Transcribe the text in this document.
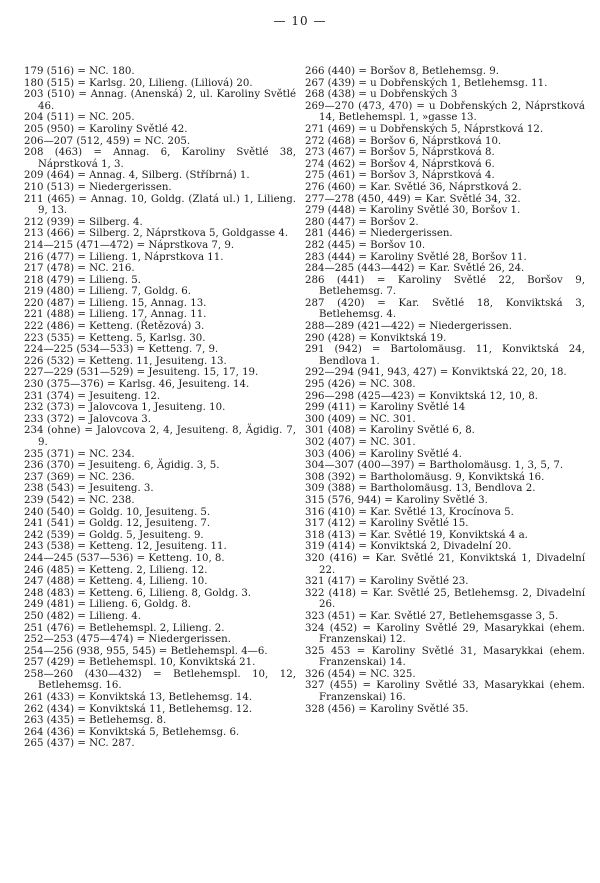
— 10 —
179 (516) = NC. 180.
180 (515) = Karlsg. 20, Lilieng. (Liliová) 20.
203 (510) = Annag. (Anenská) 2, ul. Karoliny Světlé 46.
204 (511) = NC. 205.
205 (950) = Karoliny Světlé 42.
206—207 (512, 459) = NC. 205.
208 (463) = Annag. 6, Karoliny Světlé 38, Náprstková 1, 3.
209 (464) = Annag. 4, Silberg. (Stříbrná) 1.
210 (513) = Niedergerissen.
211 (465) = Annag. 10, Goldg. (Zlatá ul.) 1, Lilieng. 9, 13.
212 (939) = Silberg. 4.
213 (466) = Silberg. 2, Náprstkova 5, Goldgasse 4.
214—215 (471—472) = Náprstkova 7, 9.
216 (477) = Lilieng. 1, Náprstkova 11.
217 (478) = NC. 216.
218 (479) = Lilieng. 5.
219 (480) = Lilieng. 7, Goldg. 6.
220 (487) = Lilieng. 15, Annag. 13.
221 (488) = Lilieng. 17, Annag. 11.
222 (486) = Ketteng. (Řetězová) 3.
223 (535) = Ketteng. 5, Karlsg. 30.
224—225 (534—533) = Ketteng. 7, 9.
226 (532) = Ketteng. 11, Jesuiteng. 13.
227—229 (531—529) = Jesuiteng. 15, 17, 19.
230 (375—376) = Karlsg. 46, Jesuiteng. 14.
231 (374) = Jesuiteng. 12.
232 (373) = Jalovcova 1, Jesuiteng. 10.
233 (372) = Jalovcova 3.
234 (ohne) = Jalovcova 2, 4, Jesuiteng. 8, Ägidig. 7, 9.
235 (371) = NC. 234.
236 (370) = Jesuiteng. 6, Ägidig. 3, 5.
237 (369) = NC. 236.
238 (543) = Jesuiteng. 3.
239 (542) = NC. 238.
240 (540) = Goldg. 10, Jesuiteng. 5.
241 (541) = Goldg. 12, Jesuiteng. 7.
242 (539) = Goldg. 5, Jesuiteng. 9.
243 (538) = Ketteng. 12, Jesuiteng. 11.
244—245 (537—536) = Ketteng. 10, 8.
246 (485) = Ketteng. 2, Lilieng. 12.
247 (488) = Ketteng. 4, Lilieng. 10.
248 (483) = Ketteng. 6, Lilieng. 8, Goldg. 3.
249 (481) = Lilieng. 6, Goldg. 8.
250 (482) = Lilieng. 4.
251 (476) = Betlehemspl. 2, Lilieng. 2.
252—253 (475—474) = Niedergerissen.
254—256 (938, 955, 545) = Betlehemspl. 4—6.
257 (429) = Betlehemspl. 10, Konviktská 21.
258—260 (430—432) = Betlehemspl. 10, 12, Betlehemsg. 16.
261 (433) = Konviktská 13, Betlehemsg. 14.
262 (434) = Konviktská 11, Betlehemsg. 12.
263 (435) = Betlehemsg. 8.
264 (436) = Konviktská 5, Betlehemsg. 6.
265 (437) = NC. 287.
266 (440) = Boršov 8, Betlehemsg. 9.
267 (439) = u Dobřenských 1, Betlehemsg. 11.
268 (438) = u Dobřenských 3
269—270 (473, 470) = u Dobřenských 2, Náprstková 14, Betlehemspl. 1, »gasse 13.
271 (469) = u Dobřenských 5, Náprstková 12.
272 (468) = Boršov 6, Náprstková 10.
273 (467) = Boršov 5, Náprstková 8.
274 (462) = Boršov 4, Náprstková 6.
275 (461) = Boršov 3, Náprstková 4.
276 (460) = Kar. Světlé 36, Náprstková 2.
277—278 (450, 449) = Kar. Světlé 34, 32.
279 (448) = Karoliny Světlé 30, Boršov 1.
280 (447) = Boršov 2.
281 (446) = Niedergerissen.
282 (445) = Boršov 10.
283 (444) = Karoliny Světlé 28, Boršov 11.
284—285 (443—442) = Kar. Světlé 26, 24.
286 (441) = Karoliny Světlé 22, Boršov 9, Betlehemsg. 7.
287 (420) = Kar. Světlé 18, Konviktská 3, Betlehemsg. 4.
288—289 (421—422) = Niedergerissen.
290 (428) = Konviktská 19.
291 (942) = Bartolomäusg. 11, Konviktská 24, Bendlova 1.
292—294 (941, 943, 427) = Konviktská 22, 20, 18.
295 (426) = NC. 308.
296—298 (425—423) = Konviktská 12, 10, 8.
299 (411) = Karoliny Světlé 14
300 (409) = NC. 301.
301 (408) = Karoliny Světlé 6, 8.
302 (407) = NC. 301.
303 (406) = Karoliny Světlé 4.
304—307 (400—397) = Bartholomäusg. 1, 3, 5, 7.
308 (392) = Bartholomäusg. 9, Konviktská 16.
309 (388) = Bartholomäusg. 13, Bendlova 2.
315 (576, 944) = Karoliny Světlé 3.
316 (410) = Kar. Světlé 13, Krocínova 5.
317 (412) = Karoliny Světlé 15.
318 (413) = Kar. Světlé 19, Konviktská 4 a.
319 (414) = Konviktská 2, Divadelní 20.
320 (416) = Kar. Světlé 21, Konviktská 1, Divadelní 22.
321 (417) = Karoliny Světlé 23.
322 (418) = Kar. Světlé 25, Betlehemsg. 2, Divadelní 26.
323 (451) = Kar. Světlé 27, Betlehemsgasse 3, 5.
324 (452) = Karoliny Světlé 29, Masarykkai (ehem. Franzenskai) 12.
325 453 = Karoliny Světlé 31, Masarykkai (ehem. Franzenskai) 14.
326 (454) = NC. 325.
327 (455) = Karoliny Světlé 33, Masarykkai (ehem. Franzenskai) 16.
328 (456) = Karoliny Světlé 35.
